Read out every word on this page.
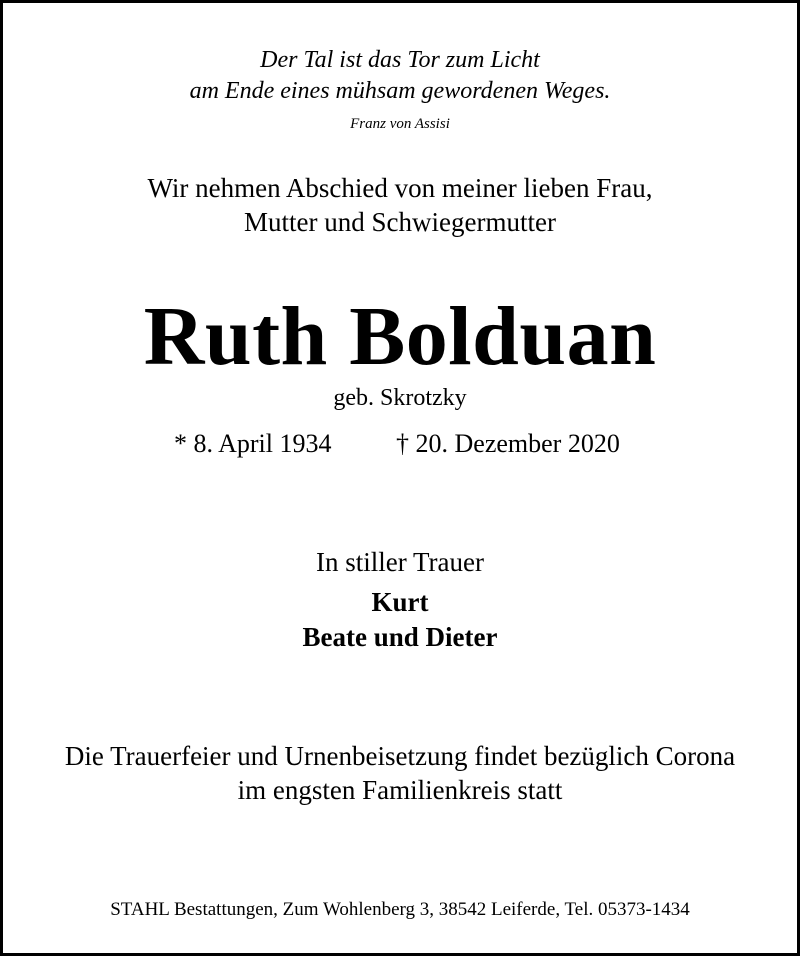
Der Tal ist das Tor zum Licht
am Ende eines mühsam gewordenen Weges.
Franz von Assisi
Wir nehmen Abschied von meiner lieben Frau,
Mutter und Schwiegermutter
Ruth Bolduan
geb. Skrotzky
* 8. April 1934 † 20. Dezember 2020
In stiller Trauer
Kurt
Beate und Dieter
Die Trauerfeier und Urnenbeisetzung findet bezüglich Corona
im engsten Familienkreis statt
STAHL Bestattungen, Zum Wohlenberg 3, 38542 Leiferde, Tel. 05373-1434
